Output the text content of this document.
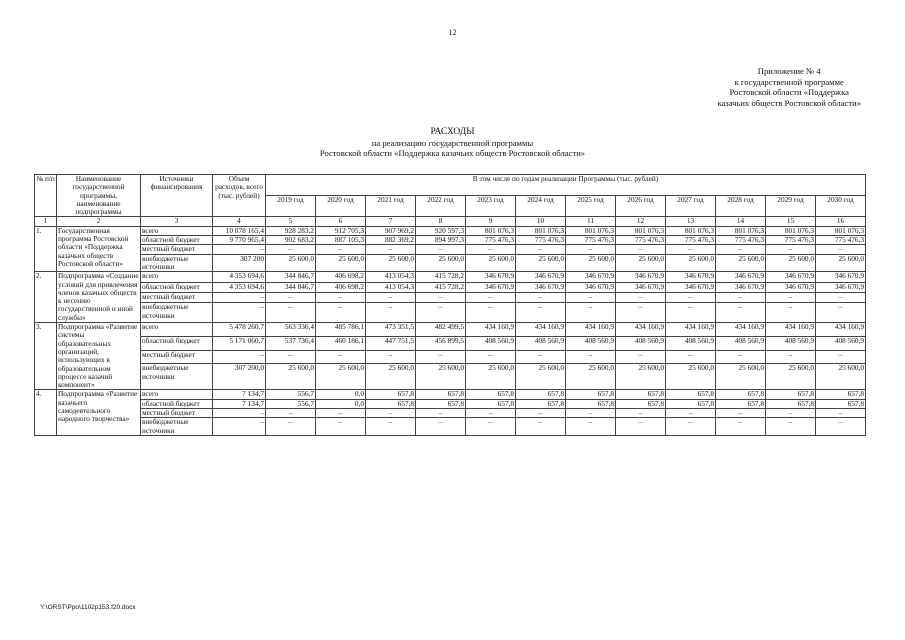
12
Приложение № 4
к государственной программе
Ростовской области «Поддержка
казачьих обществ Ростовской области»
РАСХОДЫ
на реализацию государственной программы
Ростовской области «Поддержка казачьих обществ Ростовской области»
№ п/п	Наименование государственной программы, наименование подпрограммы	Источники финансирования	Объем расходов, всего (тыс. рублей)	В том числе по годам реализации Программы (тыс. рублей)											
				2019 год	2020 год	2021 год	2022 год	2023 год	2024 год	2025 год	2026 год	2027 год	2028 год	2029 год	2030 год
1	2	3	4	5	6	7	8	9	10	11	12	13	14	15	16
1.	Государственная программа Ростовской области «Поддержка казачьих обществ Ростовской области»	всего	10 078 165,4	928 283,2	912 705,3	907 969,2	920 597,3	801 076,3	801 076,3	801 076,3	801 076,3	801 076,3	801 076,3	801 076,3	801 076,3
		областной бюджет	9 770 965,4	902 683,2	887 105,3	882 369,2	894 997,3	775 476,3	775 476,3	775 476,3	775 476,3	775 476,3	775 476,3	775 476,3	775 476,3
		местный бюджет	–	–	–	–	–	–	–	–	–	–	–	–	–
		внебюджетные источники	307 200	25 600,0	25 600,0	25 600,0	25 600,0	25 600,0	25 600,0	25 600,0	25 600,0	25 600,0	25 600,0	25 600,0	25 600,0
2.	Подпрограмма «Создание условий для привлечения членов казачьих обществ к несению государственной и иной службы»	всего	4 353 694,6	344 846,7	406 698,2	413 054,3	415 728,2	346 670,9	346 670,9	346 670,9	346 670,9	346 670,9	346 670,9	346 670,9	346 670,9
		областной бюджет	4 353 694,6	344 846,7	406 698,2	413 054,3	415 728,2	346 670,9	346 670,9	346 670,9	346 670,9	346 670,9	346 670,9	346 670,9	346 670,9
		местный бюджет	–	–	–	–	–	–	–	–	–	–	–	–	–
		внебюджетные источники	–	–	–	–	–	–	–	–	–	–	–	–	–
3.	Подпрограмма «Развитие системы образовательных организаций, использующих в образовательном процессе казачий компонент»	всего	5 478 260,7	563 336,4	485 786,1	473 351,5	482 499,5	434 160,9	434 160,9	434 160,9	434 160,9	434 160,9	434 160,9	434 160,9	434 160,9
		областной бюджет	5 171 060,7	537 736,4	460 186,1	447 751,5	456 899,5	408 560,9	408 560,9	408 560,9	408 560,9	408 560,9	408 560,9	408 560,9	408 560,9
		местный бюджет	–	–	–	–	–	–	–	–	–	–	–	–	–
		внебюджетные источники	307 200,0	25 600,0	25 600,0	25 600,0	25 600,0	25 600,0	25 600,0	25 600,0	25 600,0	25 600,0	25 600,0	25 600,0	25 600,0
4.	Подпрограмма «Развитие казачьего самодеятельного народного творчества»	всего	7 134,7	556,7	0,0	657,8	657,8	657,8	657,8	657,8	657,8	657,8	657,8	657,8	657,8
		областной бюджет	7 134,7	556,7	0,0	657,8	657,8	657,8	657,8	657,8	657,8	657,8	657,8	657,8	657,8
		местный бюджет	–	–	–	–	–	–	–	–	–	–	–	–	–
		внебюджетные источники	–	–	–	–	–	–	–	–	–	–	–	–	–
Y:\ORST\Ppo\1102p153.f20.docx
